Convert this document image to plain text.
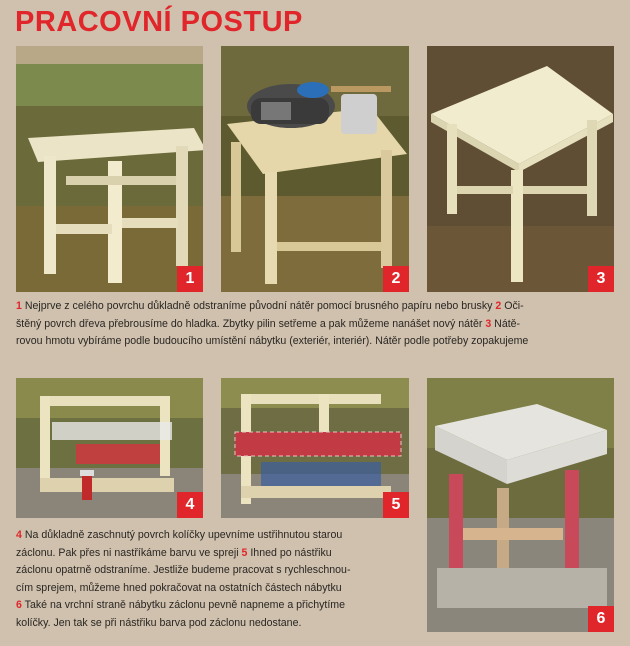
PRACOVNÍ POSTUP
1	2	3
1 Nejprve z celého povrchu důkladně odstraníme původní nátěr pomocí brusného papíru nebo brusky 2 Oči-
štěný povrch dřeva přebrousíme do hladka. Zbytky pilin setřeme a pak můžeme nanášet nový nátěr 3 Nátě-
rovou hmotu vybíráme podle budoucího umístění nábytku (exteriér, interiér). Nátěr podle potřeby zopakujeme
4	5
6
4 Na důkladně zaschnutý povrch kolíčky upevníme ustřihnutou starou
záclonu. Pak přes ni nastříkáme barvu ve spreji 5 Ihned po nástřiku
záclonu opatrně odstraníme. Jestliže budeme pracovat s rychleschnou-
cím sprejem, můžeme hned pokračovat na ostatních částech nábytku
6 Také na vrchní straně nábytku záclonu pevně napneme a přichytíme
kolíčky. Jen tak se při nástřiku barva pod záclonu nedostane.
